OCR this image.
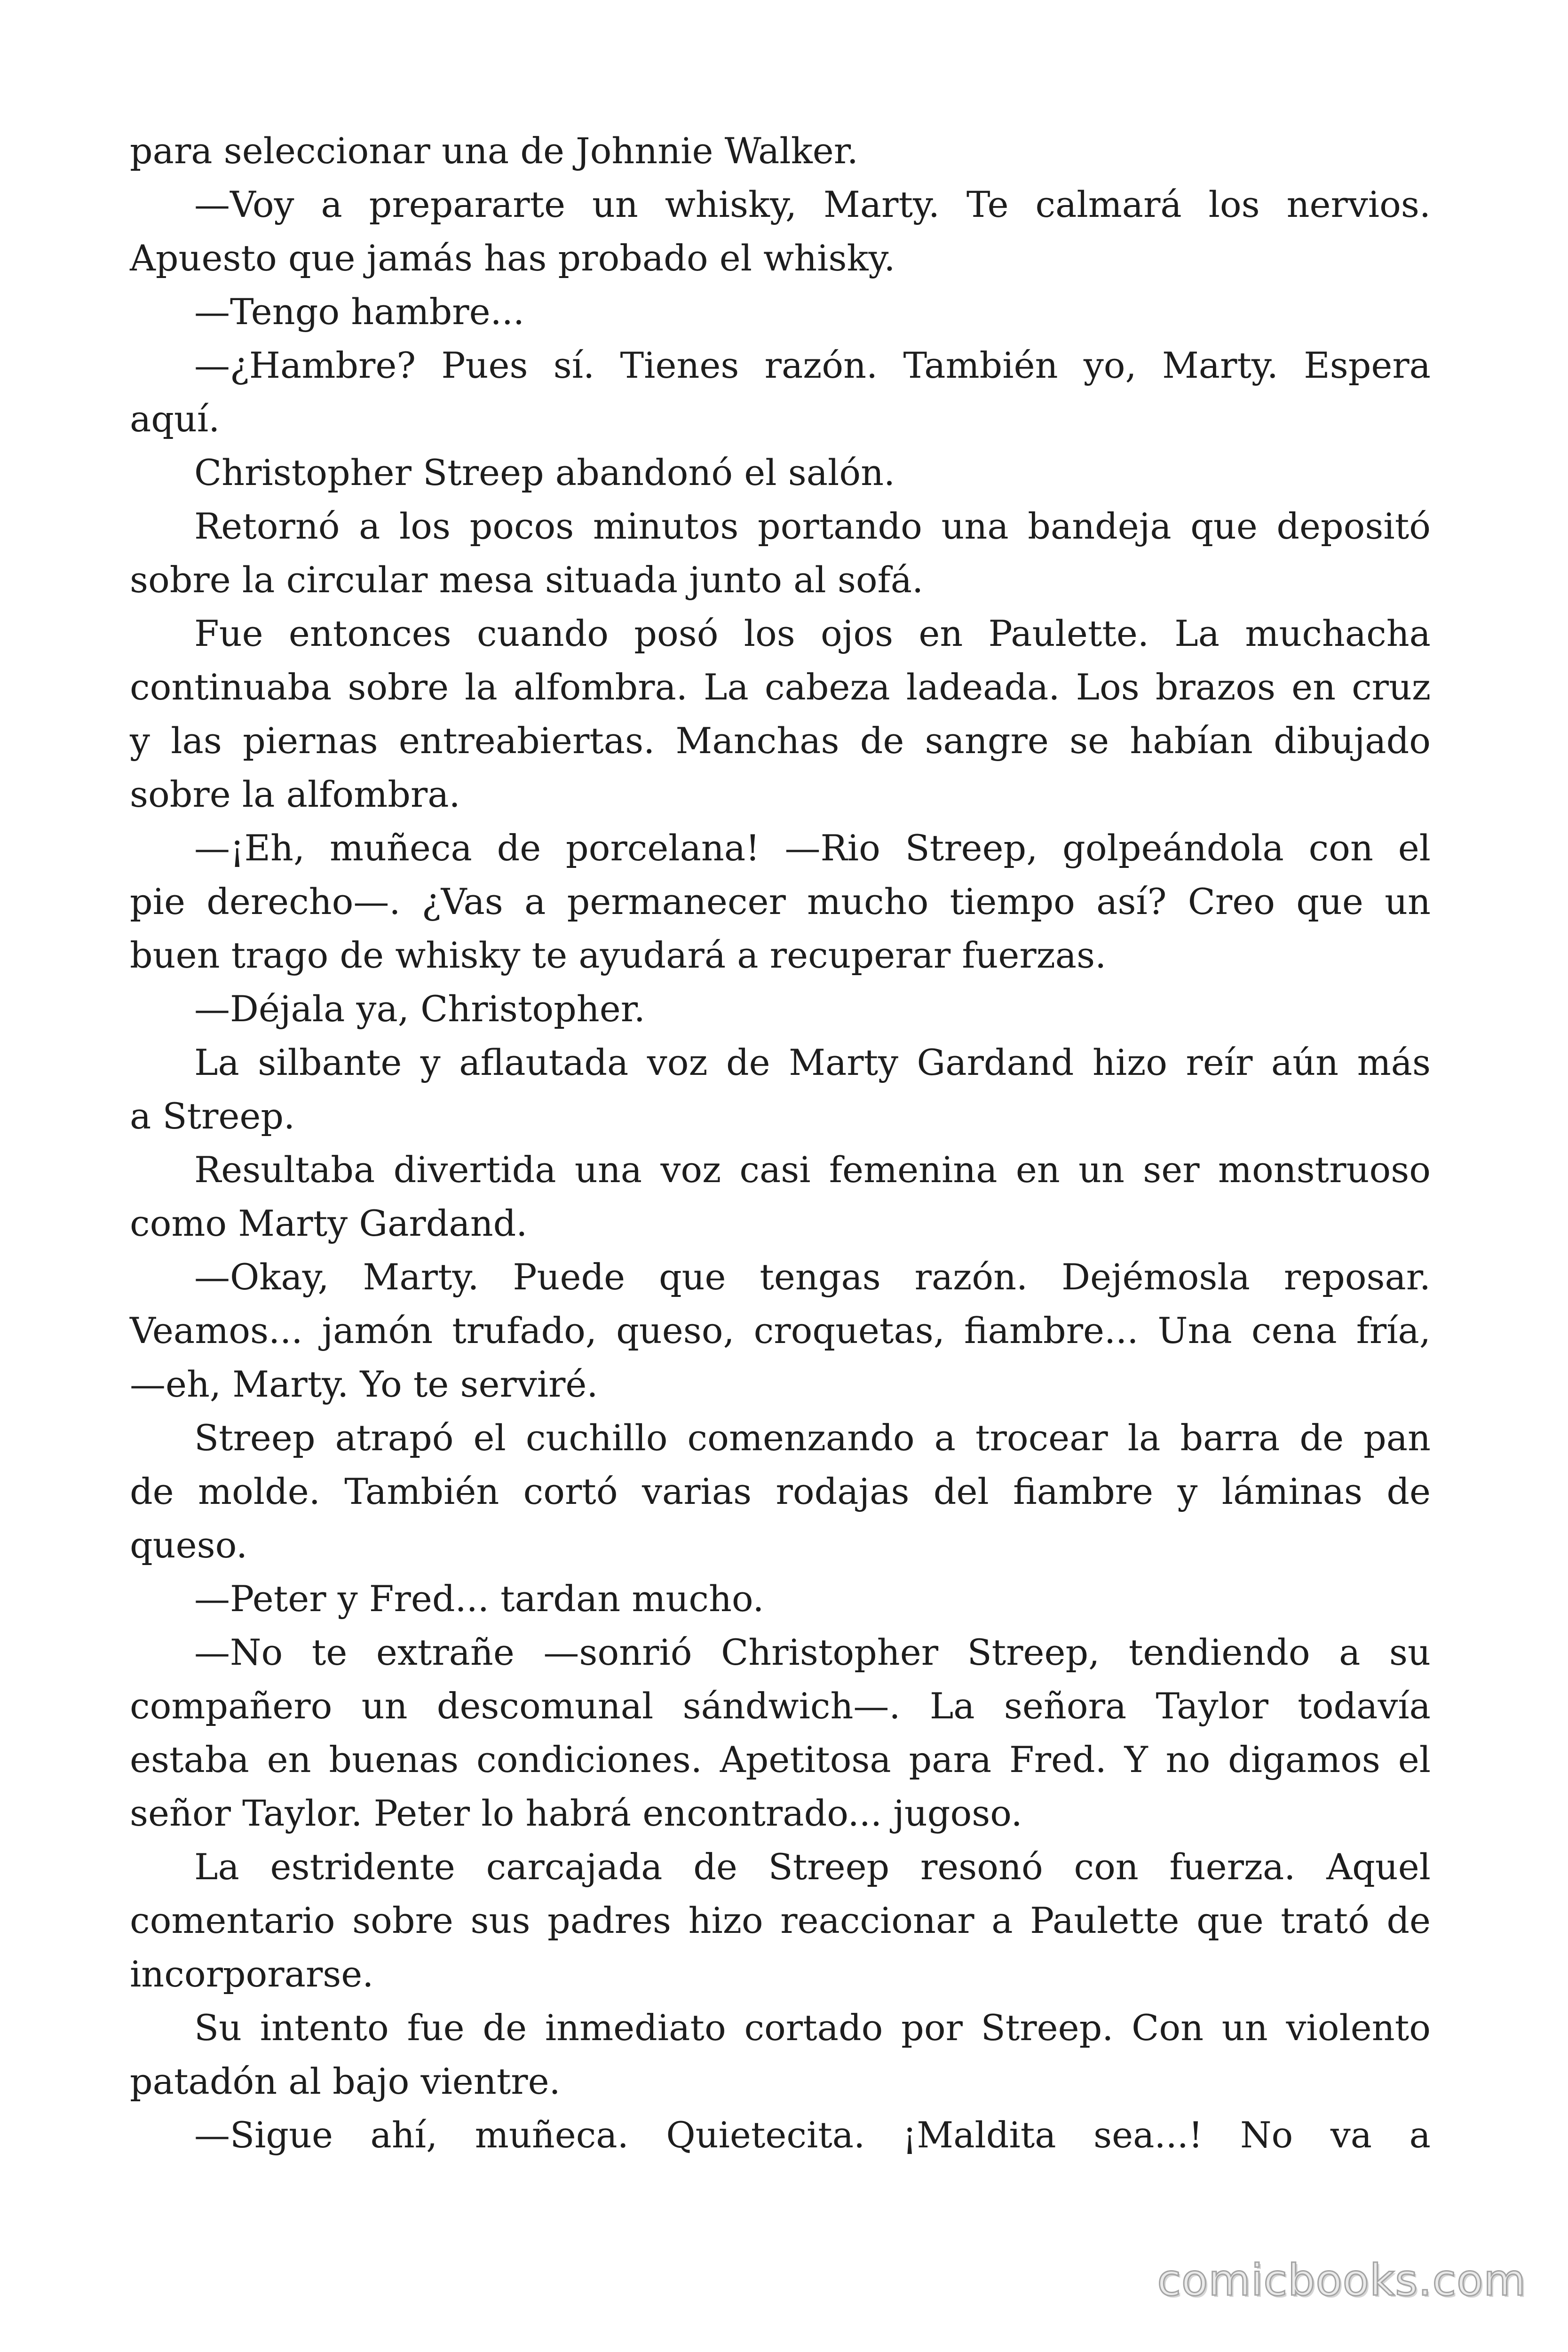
para seleccionar una de Johnnie Walker.
—Voy a prepararte un whisky, Marty. Te calmará los nervios.
Apuesto que jamás has probado el whisky.
—Tengo hambre...
—¿Hambre? Pues sí. Tienes razón. También yo, Marty. Espera
aquí.
Christopher Streep abandonó el salón.
Retornó a los pocos minutos portando una bandeja que depositó
sobre la circular mesa situada junto al sofá.
Fue entonces cuando posó los ojos en Paulette. La muchacha
continuaba sobre la alfombra. La cabeza ladeada. Los brazos en cruz
y las piernas entreabiertas. Manchas de sangre se habían dibujado
sobre la alfombra.
—¡Eh, muñeca de porcelana! —Rio Streep, golpeándola con el
pie derecho—. ¿Vas a permanecer mucho tiempo así? Creo que un
buen trago de whisky te ayudará a recuperar fuerzas.
—Déjala ya, Christopher.
La silbante y aflautada voz de Marty Gardand hizo reír aún más
a Streep.
Resultaba divertida una voz casi femenina en un ser monstruoso
como Marty Gardand.
—Okay, Marty. Puede que tengas razón. Dejémosla reposar.
Veamos... jamón trufado, queso, croquetas, fiambre... Una cena fría,
—eh, Marty. Yo te serviré.
Streep atrapó el cuchillo comenzando a trocear la barra de pan
de molde. También cortó varias rodajas del fiambre y láminas de
queso.
—Peter y Fred... tardan mucho.
—No te extrañe —sonrió Christopher Streep, tendiendo a su
compañero un descomunal sándwich—. La señora Taylor todavía
estaba en buenas condiciones. Apetitosa para Fred. Y no digamos el
señor Taylor. Peter lo habrá encontrado... jugoso.
La estridente carcajada de Streep resonó con fuerza. Aquel
comentario sobre sus padres hizo reaccionar a Paulette que trató de
incorporarse.
Su intento fue de inmediato cortado por Streep. Con un violento
patadón al bajo vientre.
—Sigue ahí, muñeca. Quietecita. ¡Maldita sea...! No va a
comicbooks.com
